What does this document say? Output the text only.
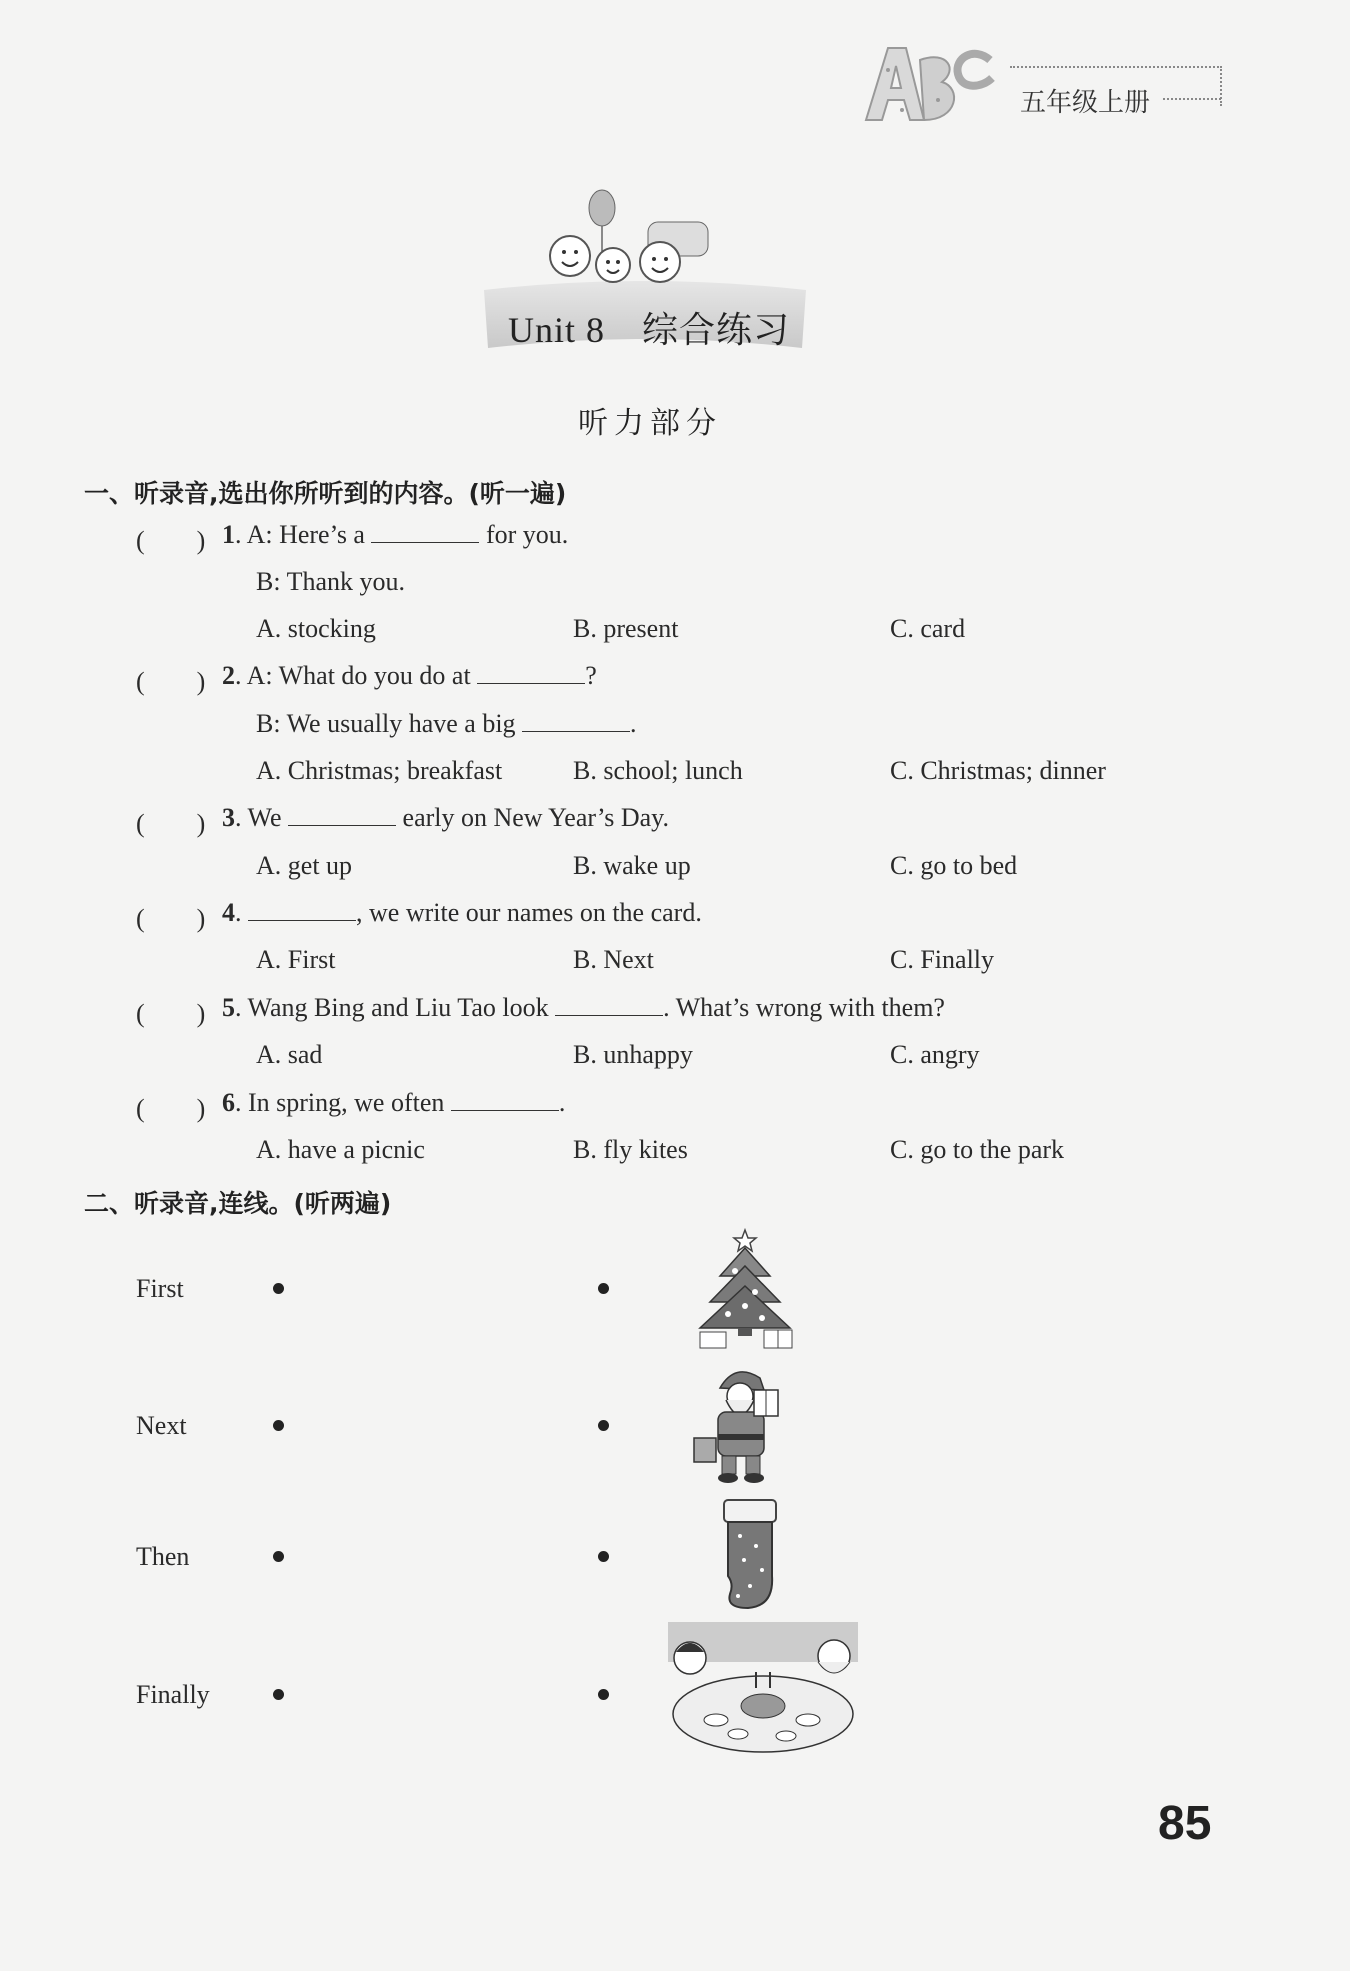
五年级上册
Unit 8　综合练习
听力部分
一、听录音,选出你所听到的内容。(听一遍)
(　　) 1. A: Here’s a	for you.
B: Thank you.
A. stocking	B. present	C. card
(　　) 2. A: What do you do at	?
B: We usually have a big	.
A. Christmas; breakfast	B. school; lunch	C. Christmas; dinner
(　　) 3. We	early on New Year’s Day.
A. get up	B. wake up	C. go to bed
(　　) 4.	, we write our names on the card.
A. First	B. Next	C. Finally
(　　) 5. Wang Bing and Liu Tao look	. What’s wrong with them?
A. sad	B. unhappy	C. angry
(　　) 6. In spring, we often	.
A. have a picnic	B. fly kites	C. go to the park
二、听录音,连线。(听两遍)
First
Next
Then
Finally
85
